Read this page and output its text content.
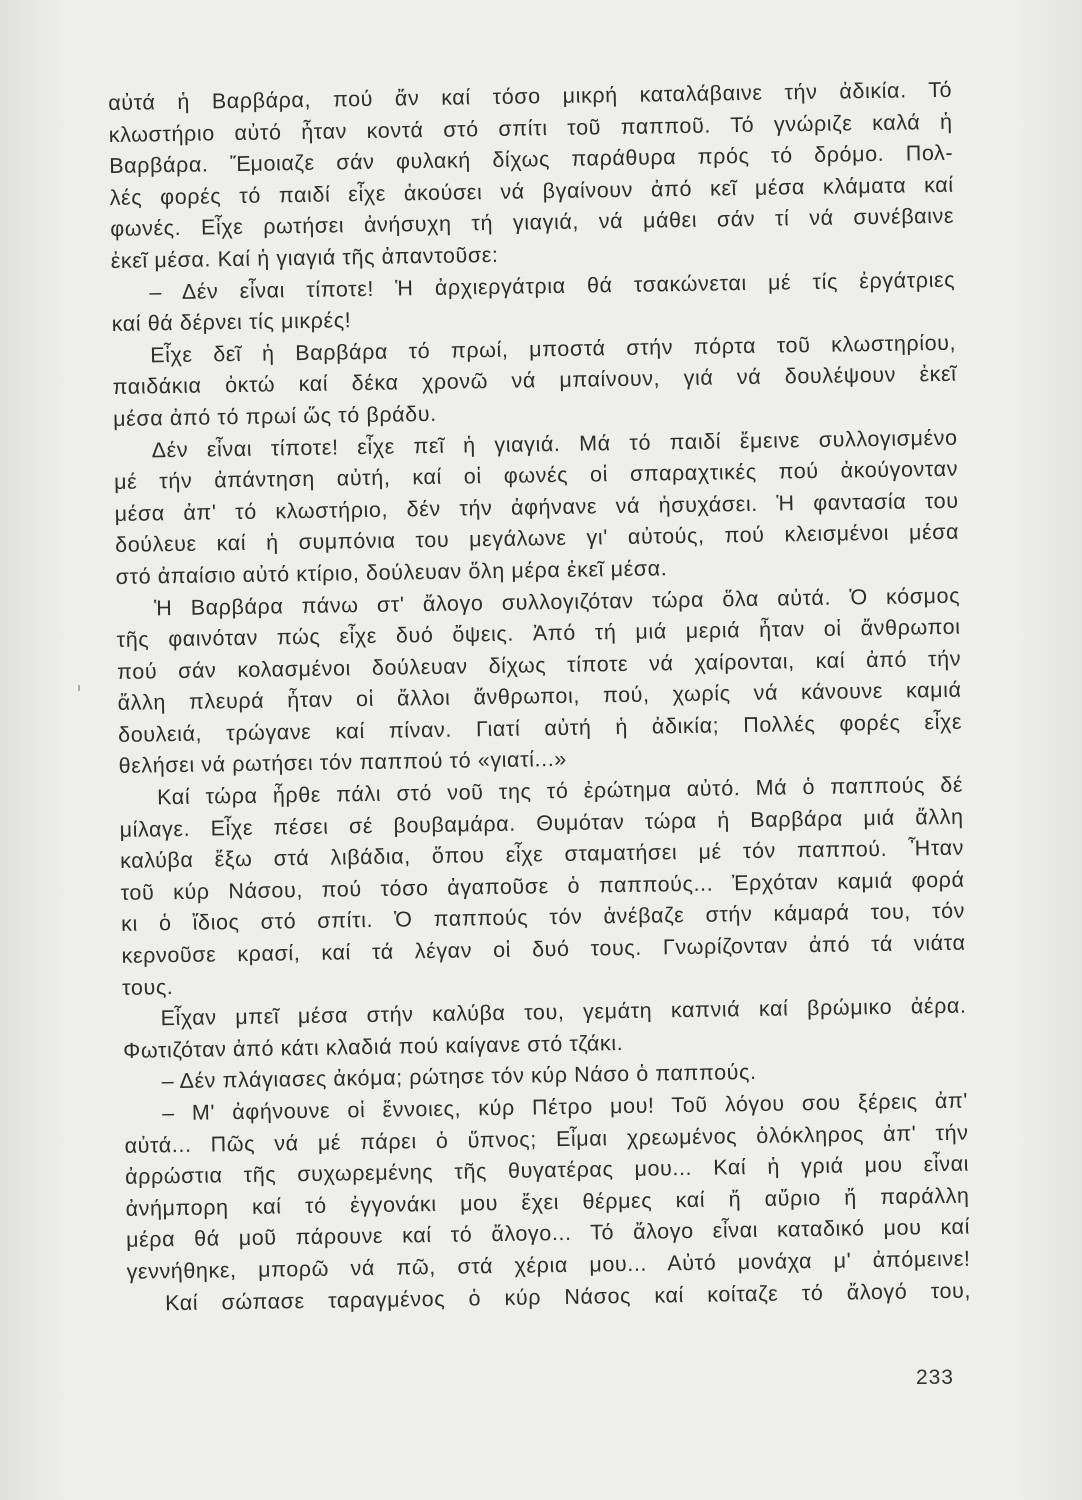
αὐτά ἡ Βαρβάρα, πού ἄν καί τόσο μικρή καταλάβαινε τήν ἀδικία. Τό
κλωστήριο αὐτό ἦταν κοντά στό σπίτι τοῦ παπποῦ. Τό γνώριζε καλά ἡ
Βαρβάρα. Ἔμοιαζε σάν φυλακή δίχως παράθυρα πρός τό δρόμο. Πολ-
λές φορές τό παιδί εἶχε ἀκούσει νά βγαίνουν ἀπό κεῖ μέσα κλάματα καί
φωνές. Εἶχε ρωτήσει ἀνήσυχη τή γιαγιά, νά μάθει σάν τί νά συνέβαινε
ἐκεῖ μέσα. Καί ἡ γιαγιά τῆς ἀπαντοῦσε:
– Δέν εἶναι τίποτε! Ἡ ἀρχιεργάτρια θά τσακώνεται μέ τίς ἐργάτριες
καί θά δέρνει τίς μικρές!
Εἶχε δεῖ ἡ Βαρβάρα τό πρωί, μποστά στήν πόρτα τοῦ κλωστηρίου,
παιδάκια ὀκτώ καί δέκα χρονῶ νά μπαίνουν, γιά νά δουλέψουν ἐκεῖ
μέσα ἀπό τό πρωί ὥς τό βράδυ.
Δέν εἶναι τίποτε! εἶχε πεῖ ἡ γιαγιά. Μά τό παιδί ἔμεινε συλλογισμένο
μέ τήν ἀπάντηση αὐτή, καί οἱ φωνές οἱ σπαραχτικές πού ἀκούγονταν
μέσα ἀπ' τό κλωστήριο, δέν τήν ἀφήνανε νά ἡσυχάσει. Ἡ φαντασία του
δούλευε καί ἡ συμπόνια του μεγάλωνε γι' αὐτούς, πού κλεισμένοι μέσα
στό ἀπαίσιο αὐτό κτίριο, δούλευαν ὅλη μέρα ἐκεῖ μέσα.
Ἡ Βαρβάρα πάνω στ' ἄλογο συλλογιζόταν τώρα ὅλα αὐτά. Ὁ κόσμος
τῆς φαινόταν πώς εἶχε δυό ὄψεις. Ἀπό τή μιά μεριά ἦταν οἱ ἄνθρωποι
πού σάν κολασμένοι δούλευαν δίχως τίποτε νά χαίρονται, καί ἀπό τήν
ἄλλη πλευρά ἦταν οἱ ἄλλοι ἄνθρωποι, πού, χωρίς νά κάνουνε καμιά
δουλειά, τρώγανε καί πίναν. Γιατί αὐτή ἡ ἀδικία; Πολλές φορές εἶχε
θελήσει νά ρωτήσει τόν παππού τό «γιατί...»
Καί τώρα ἦρθε πάλι στό νοῦ της τό ἐρώτημα αὐτό. Μά ὁ παππούς δέ
μίλαγε. Εἶχε πέσει σέ βουβαμάρα. Θυμόταν τώρα ἡ Βαρβάρα μιά ἄλλη
καλύβα ἔξω στά λιβάδια, ὅπου εἶχε σταματήσει μέ τόν παππού. Ἦταν
τοῦ κύρ Νάσου, πού τόσο ἀγαποῦσε ὁ παππούς... Ἐρχόταν καμιά φορά
κι ὁ ἴδιος στό σπίτι. Ὁ παππούς τόν ἀνέβαζε στήν κάμαρά του, τόν
κερνοῦσε κρασί, καί τά λέγαν οἱ δυό τους. Γνωρίζονταν ἀπό τά νιάτα
τους.
Εἶχαν μπεῖ μέσα στήν καλύβα του, γεμάτη καπνιά καί βρώμικο ἀέρα.
Φωτιζόταν ἀπό κάτι κλαδιά πού καίγανε στό τζάκι.
– Δέν πλάγιασες ἀκόμα; ρώτησε τόν κύρ Νάσο ὁ παππούς.
– Μ' ἀφήνουνε οἱ ἔννοιες, κύρ Πέτρο μου! Τοῦ λόγου σου ξέρεις ἀπ'
αὐτά... Πῶς νά μέ πάρει ὁ ὕπνος; Εἶμαι χρεωμένος ὁλόκληρος ἀπ' τήν
ἀρρώστια τῆς συχωρεμένης τῆς θυγατέρας μου... Καί ἡ γριά μου εἶναι
ἀνήμπορη καί τό ἐγγονάκι μου ἔχει θέρμες καί ἤ αὔριο ἤ παράλλη
μέρα θά μοῦ πάρουνε καί τό ἄλογο... Τό ἄλογο εἶναι καταδικό μου καί
γεννήθηκε, μπορῶ νά πῶ, στά χέρια μου... Αὐτό μονάχα μ' ἀπόμεινε!
Καί σώπασε ταραγμένος ὁ κύρ Νάσος καί κοίταζε τό ἄλογό του,
233
